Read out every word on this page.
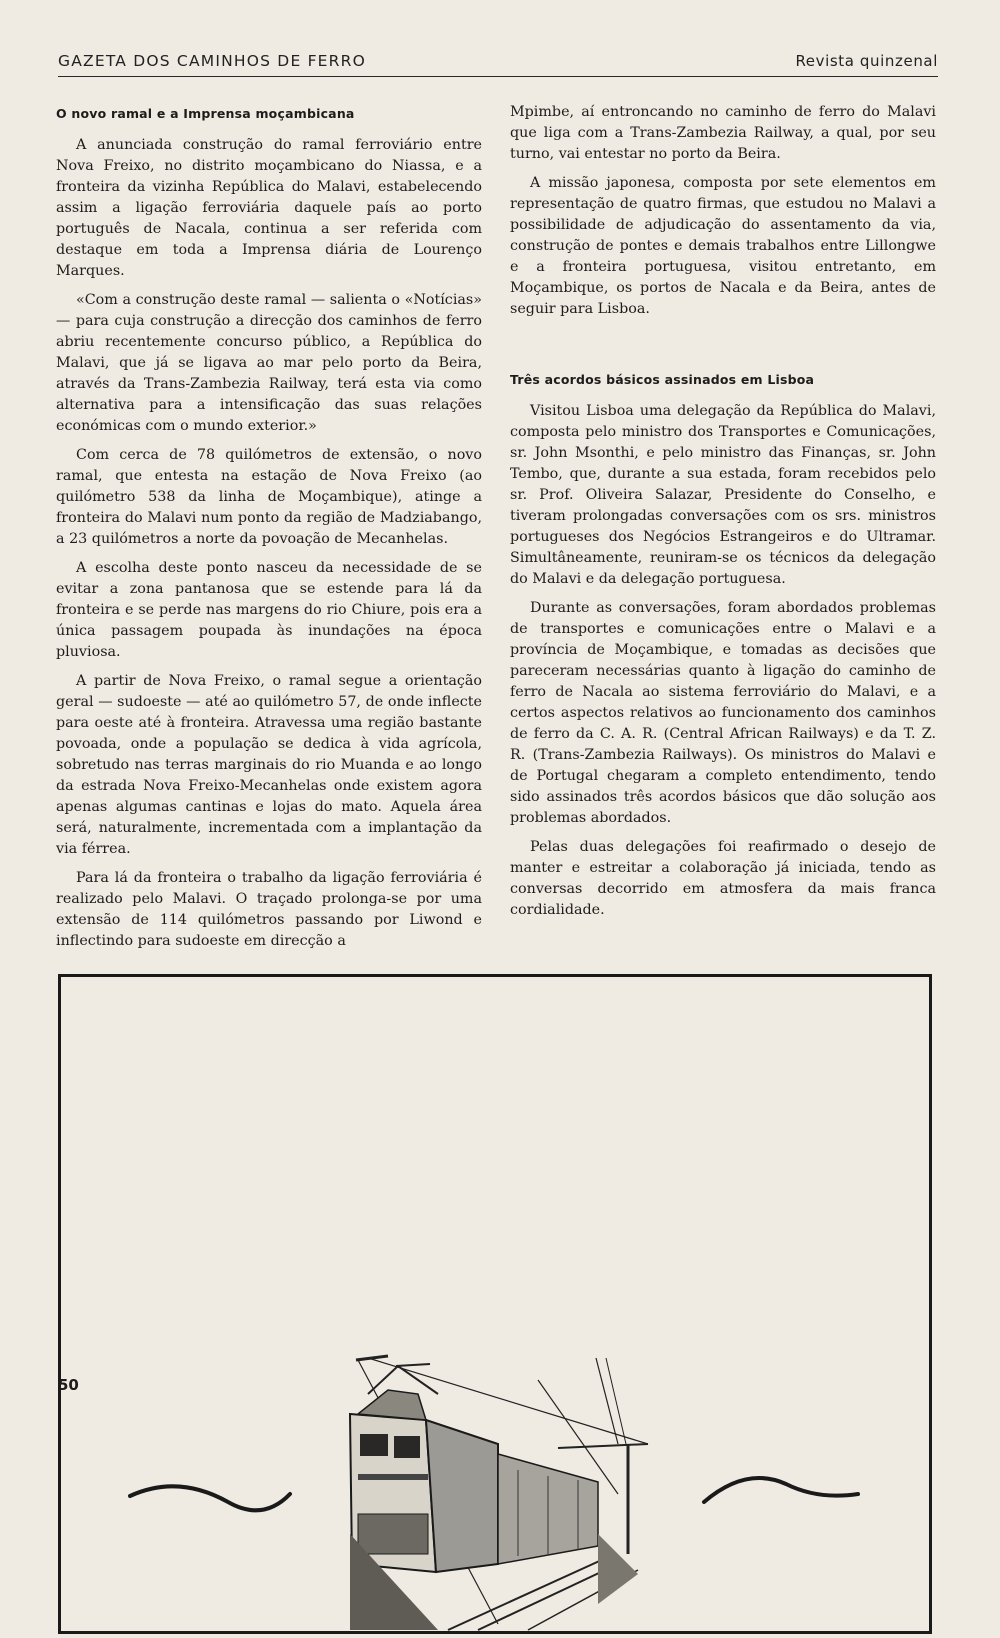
GAZETA DOS CAMINHOS DE FERRO	Revista quinzenal
O novo ramal e a Imprensa moçambicana

A anunciada construção do ramal ferroviário entre Nova Freixo, no distrito moçambicano do Niassa, e a fronteira da vizinha República do Malavi, estabelecendo assim a ligação ferroviária daquele país ao porto português de Nacala, continua a ser referida com destaque em toda a Imprensa diária de Lourenço Marques.

«Com a construção deste ramal — salienta o «Notícias» — para cuja construção a direcção dos caminhos de ferro abriu recentemente concurso público, a República do Malavi, que já se ligava ao mar pelo porto da Beira, através da Trans-Zambezia Railway, terá esta via como alternativa para a intensificação das suas relações económicas com o mundo exterior.»

Com cerca de 78 quilómetros de extensão, o novo ramal, que entesta na estação de Nova Freixo (ao quilómetro 538 da linha de Moçambique), atinge a fronteira do Malavi num ponto da região de Madziabango, a 23 quilómetros a norte da povoação de Mecanhelas.

A escolha deste ponto nasceu da necessidade de se evitar a zona pantanosa que se estende para lá da fronteira e se perde nas margens do rio Chiure, pois era a única passagem poupada às inundações na época pluviosa.

A partir de Nova Freixo, o ramal segue a orientação geral — sudoeste — até ao quilómetro 57, de onde inflecte para oeste até à fronteira. Atravessa uma região bastante povoada, onde a população se dedica à vida agrícola, sobretudo nas terras marginais do rio Muanda e ao longo da estrada Nova Freixo-Mecanhelas onde existem agora apenas algumas cantinas e lojas do mato. Aquela área será, naturalmente, incrementada com a implantação da via férrea.

Para lá da fronteira o trabalho da ligação ferroviária é realizado pelo Malavi. O traçado prolonga-se por uma extensão de 114 quilómetros passando por Liwond e inflectindo para sudoeste em direcção a

Mpimbe, aí entroncando no caminho de ferro do Malavi que liga com a Trans-Zambezia Railway, a qual, por seu turno, vai entestar no porto da Beira.

A missão japonesa, composta por sete elementos em representação de quatro firmas, que estudou no Malavi a possibilidade de adjudicação do assentamento da via, construção de pontes e demais trabalhos entre Lillongwe e a fronteira portuguesa, visitou entretanto, em Moçambique, os portos de Nacala e da Beira, antes de seguir para Lisboa.

Três acordos básicos assinados em Lisboa

Visitou Lisboa uma delegação da República do Malavi, composta pelo ministro dos Transportes e Comunicações, sr. John Msonthi, e pelo ministro das Finanças, sr. John Tembo, que, durante a sua estada, foram recebidos pelo sr. Prof. Oliveira Salazar, Presidente do Conselho, e tiveram prolongadas conversações com os srs. ministros portugueses dos Negócios Estrangeiros e do Ultramar. Simultâneamente, reuniram-se os técnicos da delegação do Malavi e da delegação portuguesa.

Durante as conversações, foram abordados problemas de transportes e comunicações entre o Malavi e a província de Moçambique, e tomadas as decisões que pareceram necessárias quanto à ligação do caminho de ferro de Nacala ao sistema ferroviário do Malavi, e a certos aspectos relativos ao funcionamento dos caminhos de ferro da C. A. R. (Central African Railways) e da T. Z. R. (Trans-Zambezia Railways). Os ministros do Malavi e de Portugal chegaram a completo entendimento, tendo sido assinados três acordos básicos que dão solução aos problemas abordados.

Pelas duas delegações foi reafirmado o desejo de manter e estreitar a colaboração já iniciada, tendo as conversas decorrido em atmosfera da mais franca cordialidade.

50
